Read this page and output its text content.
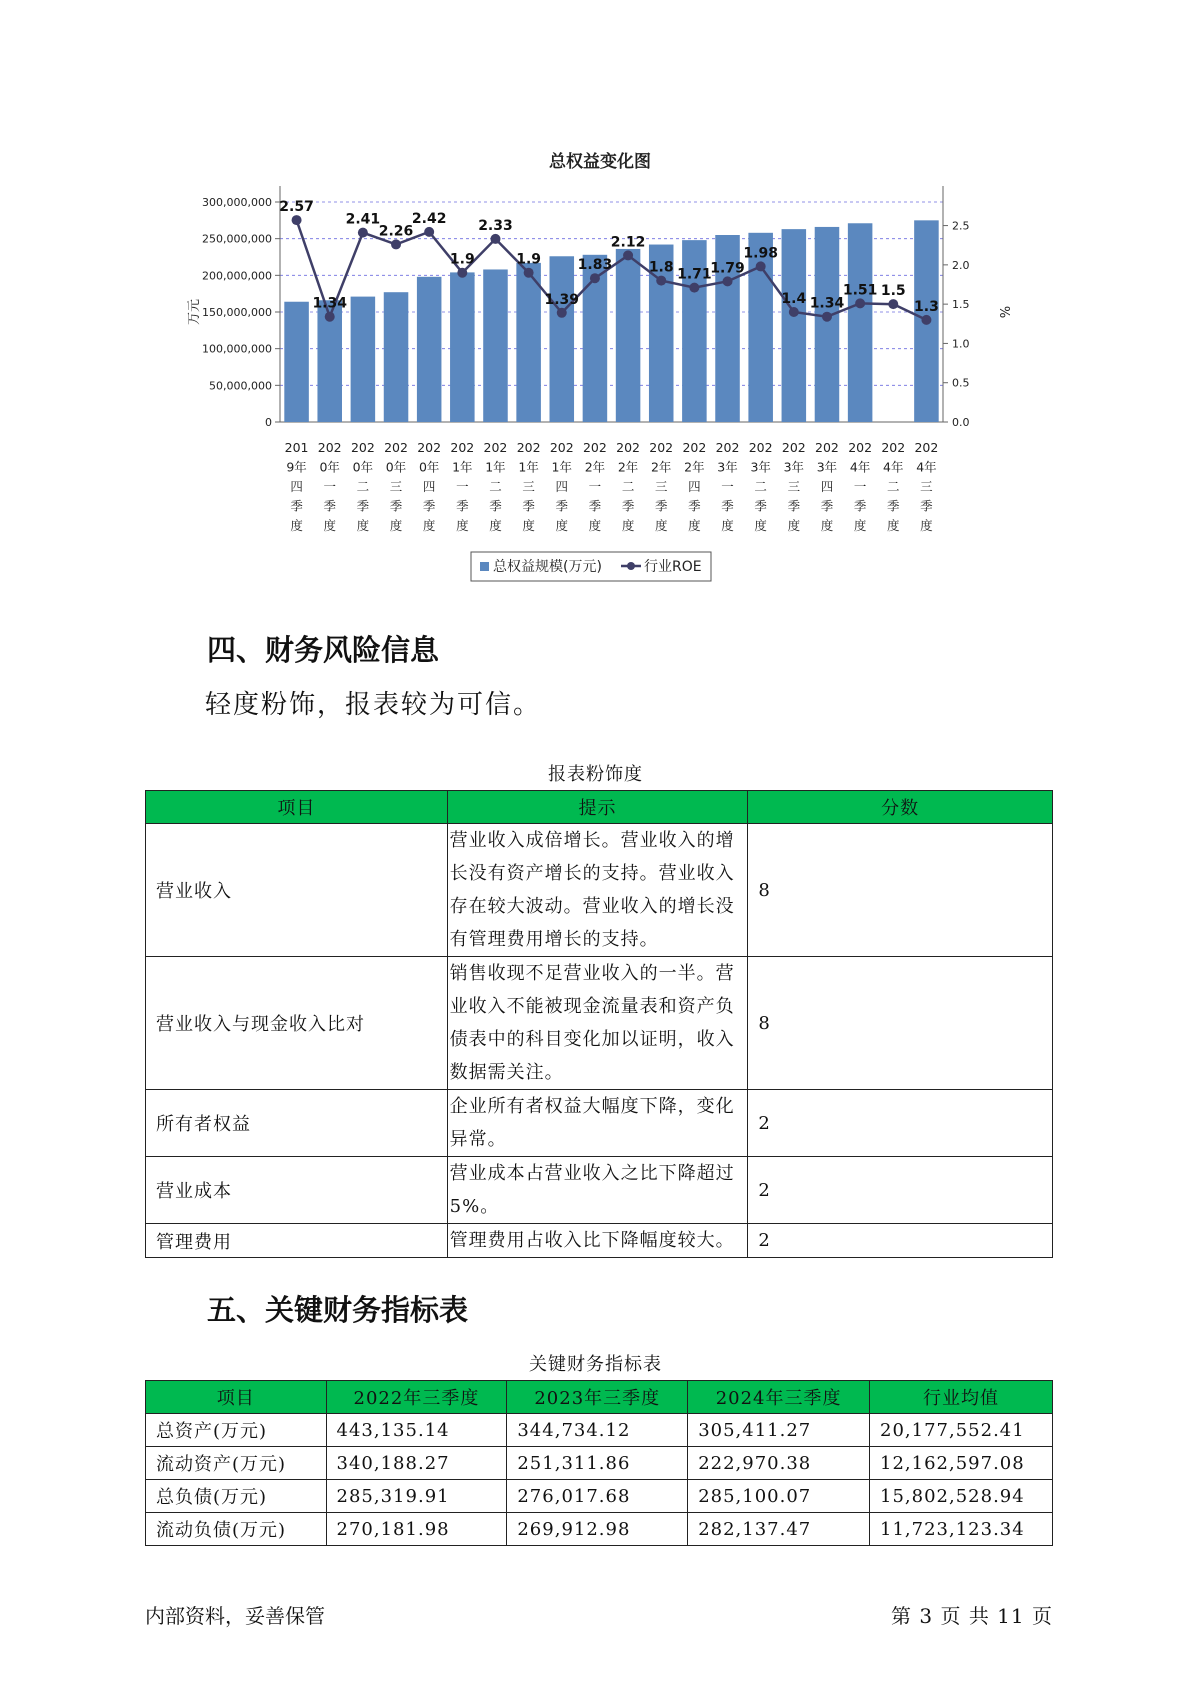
总权益变化图
300,000,000
250,000,000
200,000,000
150,000,000
100,000,000
50,000,000
0
2.5
2.0
1.5
1.0
0.5
0.0
万元	%
2.57
1.34
2.41
2.26
2.42
1.9
2.33
1.9
1.39
1.83
2.12
1.8 1.71
1.79
1.98
1.4 1.34
1.51 1.5
1.3
201 9年四季度
202 0年一季度
202 0年二季度
202 0年三季度
202 0年四季度
202 1年一季度
202 1年二季度
202 1年三季度
202 1年四季度
202 2年一季度
202 2年二季度
202 2年三季度
202 2年四季度
202 3年一季度
202 3年二季度
202 3年三季度
202 3年四季度
202 4年一季度
202 4年二季度
202 4年三季度
总权益规模(万元)	行业ROE
四、财务风险信息

轻度粉饰，报表较为可信。

报表粉饰度
项目	提示	分数
营业收入	营业收入成倍增长。营业收入的增长没有资产增长的支持。营业收入存在较大波动。营业收入的增长没有管理费用增长的支持。	8
营业收入与现金收入比对	销售收现不足营业收入的一半。营业收入不能被现金流量表和资产负债表中的科目变化加以证明，收入数据需关注。	8
所有者权益	企业所有者权益大幅度下降，变化异常。	2
营业成本	营业成本占营业收入之比下降超过5%。	2
管理费用	管理费用占收入比下降幅度较大。	2
五、关键财务指标表
关键财务指标表
项目	2022年三季度	2023年三季度	2024年三季度	行业均值
总资产(万元)	443,135.14	344,734.12	305,411.27	20,177,552.41
流动资产(万元)	340,188.27	251,311.86	222,970.38	12,162,597.08
总负债(万元)	285,319.91	276,017.68	285,100.07	15,802,528.94
流动负债(万元)	270,181.98	269,912.98	282,137.47	11,723,123.34
内部资料，妥善保管	第 3 页 共 11 页
